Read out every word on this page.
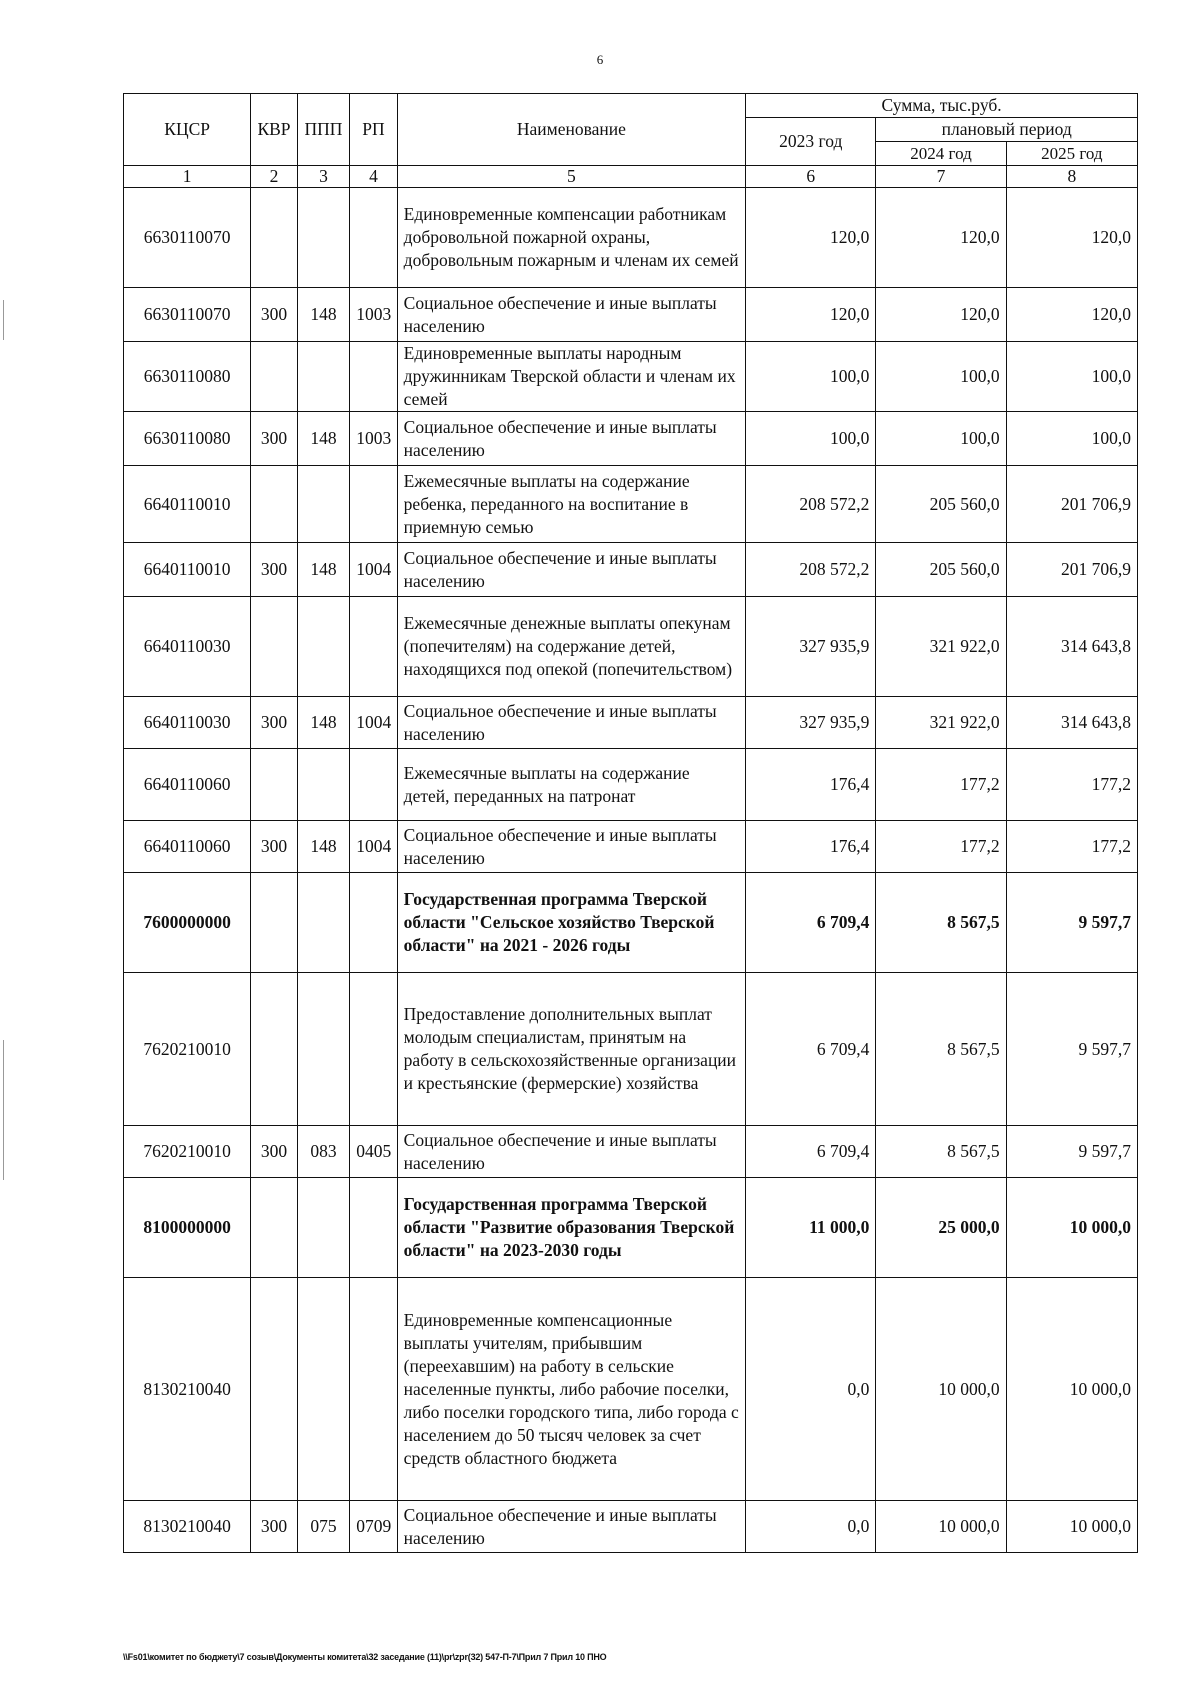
6
КЦСР	КВР	ППП	РП	Наименование	Сумма, тыс.руб.		
					2023 год	плановый период	
						2024 год	2025 год
1	2	3	4	5	6	7	8
6630110070				Единовременные компенсации работникам добровольной пожарной охраны, добровольным пожарным и членам их семей	120,0	120,0	120,0
6630110070	300	148	1003	Социальное обеспечение и иные выплаты населению	120,0	120,0	120,0
6630110080				Единовременные выплаты народным дружинникам Тверской области и членам их семей	100,0	100,0	100,0
6630110080	300	148	1003	Социальное обеспечение и иные выплаты населению	100,0	100,0	100,0
6640110010				Ежемесячные выплаты на содержание ребенка, переданного на воспитание в приемную семью	208 572,2	205 560,0	201 706,9
6640110010	300	148	1004	Социальное обеспечение и иные выплаты населению	208 572,2	205 560,0	201 706,9
6640110030				Ежемесячные денежные выплаты опекунам (попечителям) на содержание детей, находящихся под опекой (попечительством)	327 935,9	321 922,0	314 643,8
6640110030	300	148	1004	Социальное обеспечение и иные выплаты населению	327 935,9	321 922,0	314 643,8
6640110060				Ежемесячные выплаты на содержание детей, переданных на патронат	176,4	177,2	177,2
6640110060	300	148	1004	Социальное обеспечение и иные выплаты населению	176,4	177,2	177,2
7600000000				Государственная программа Тверской области "Сельское хозяйство Тверской области" на 2021 - 2026 годы	6 709,4	8 567,5	9 597,7
7620210010				Предоставление дополнительных выплат молодым специалистам, принятым на работу в сельскохозяйственные организации и крестьянские (фермерские) хозяйства	6 709,4	8 567,5	9 597,7
7620210010	300	083	0405	Социальное обеспечение и иные выплаты населению	6 709,4	8 567,5	9 597,7
8100000000				Государственная программа Тверской области "Развитие образования Тверской области" на 2023-2030 годы	11 000,0	25 000,0	10 000,0
8130210040				Единовременные компенсационные выплаты учителям, прибывшим (переехавшим) на работу в сельские населенные пункты, либо рабочие поселки, либо поселки городского типа, либо города с населением до 50 тысяч человек за счет средств областного бюджета	0,0	10 000,0	10 000,0
8130210040	300	075	0709	Социальное обеспечение и иные выплаты населению	0,0	10 000,0	10 000,0
\\Fs01\комитет по бюджету\7 созыв\Документы комитета\32 заседание (11)\pr\zpr(32) 547-П-7\Прил 7 Прил 10 ПНО
